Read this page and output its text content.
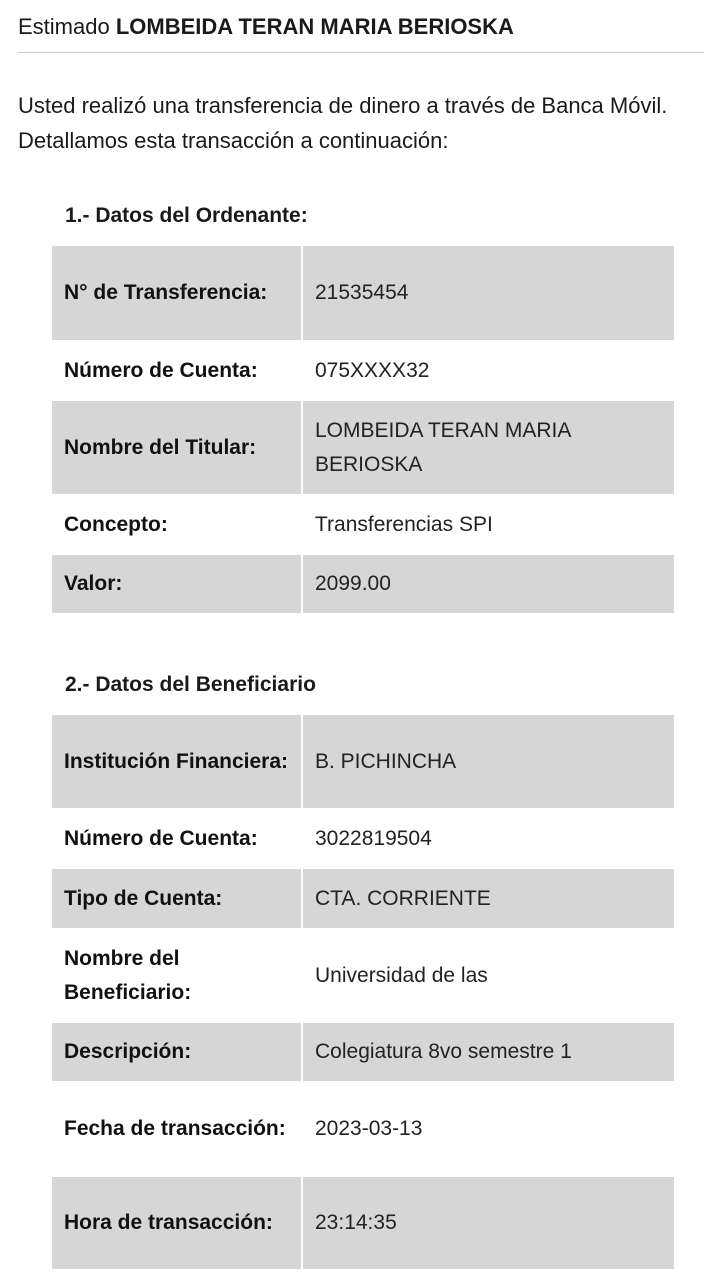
Estimado LOMBEIDA TERAN MARIA BERIOSKA
Usted realizó una transferencia de dinero a través de Banca Móvil. Detallamos esta transacción a continuación:
1.- Datos del Ordenante:
N° de Transferencia:	21535454
Número de Cuenta:	075XXXX32
Nombre del Titular:	LOMBEIDA TERAN MARIA BERIOSKA
Concepto:	Transferencias SPI
Valor:	2099.00
2.- Datos del Beneficiario
Institución Financiera:	B. PICHINCHA
Número de Cuenta:	3022819504
Tipo de Cuenta:	CTA. CORRIENTE
Nombre del Beneficiario:	Universidad de las
Descripción:	Colegiatura 8vo semestre 1
Fecha de transacción:	2023-03-13
Hora de transacción:	23:14:35
